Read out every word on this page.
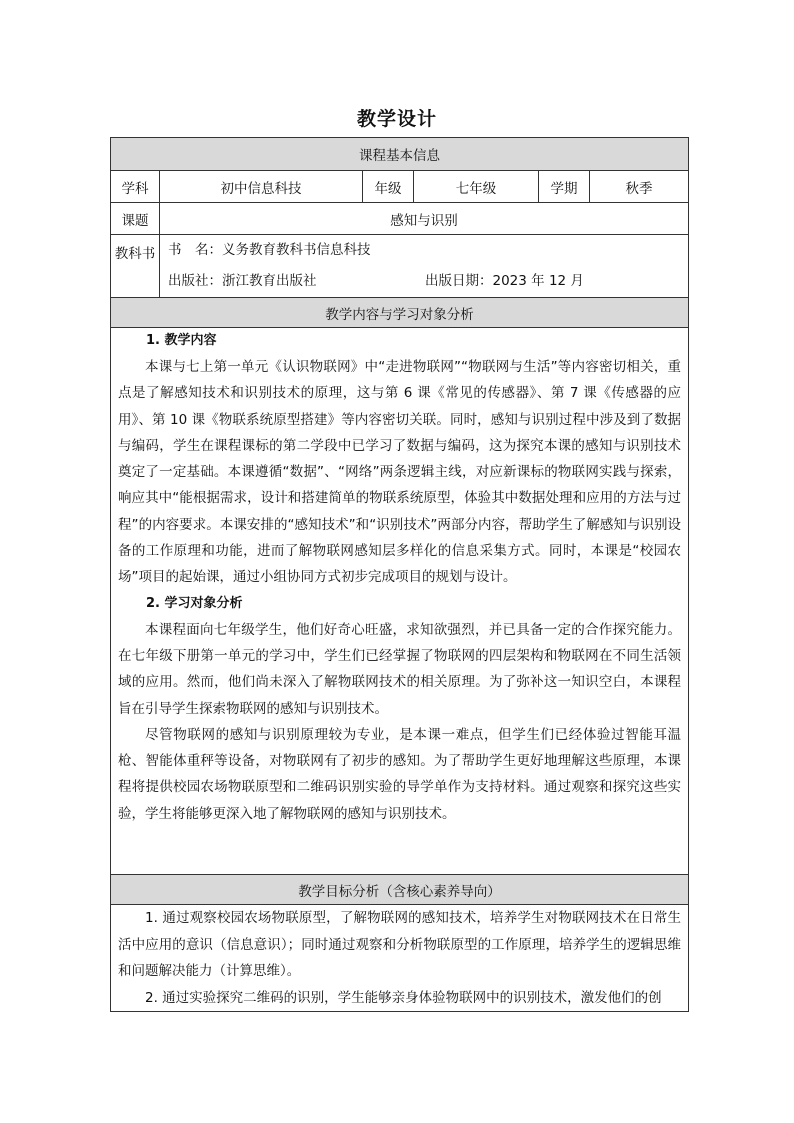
教学设计
课程基本信息					
学科	初中信息科技	年级	七年级	学期	秋季
课题	感知与识别				
教科书	书　名：义务教育教科书信息科技
出版社：浙江教育出版社 出版日期：2023 年 12 月				

教学内容与学习对象分析					

1. 教学内容

本课与七上第一单元《认识物联网》中“走进物联网”“物联网与生活”等内容密切相关，重点是了解感知技术和识别技术的原理，这与第 6 课《常见的传感器》、第 7 课《传感器的应用》、第 10 课《物联系统原型搭建》等内容密切关联。同时，感知与识别过程中涉及到了数据与编码，学生在课程课标的第二学段中已学习了数据与编码，这为探究本课的感知与识别技术奠定了一定基础。本课遵循“数据”、“网络”两条逻辑主线，对应新课标的物联网实践与探索，响应其中“能根据需求，设计和搭建简单的物联系统原型，体验其中数据处理和应用的方法与过程”的内容要求。本课安排的“感知技术”和“识别技术”两部分内容，帮助学生了解感知与识别设备的工作原理和功能，进而了解物联网感知层多样化的信息采集方式。同时，本课是“校园农场”项目的起始课，通过小组协同方式初步完成项目的规划与设计。

2. 学习对象分析

本课程面向七年级学生，他们好奇心旺盛，求知欲强烈，并已具备一定的合作探究能力。在七年级下册第一单元的学习中，学生们已经掌握了物联网的四层架构和物联网在不同生活领域的应用。然而，他们尚未深入了解物联网技术的相关原理。为了弥补这一知识空白，本课程旨在引导学生探索物联网的感知与识别技术。

尽管物联网的感知与识别原理较为专业，是本课一难点，但学生们已经体验过智能耳温枪、智能体重秤等设备，对物联网有了初步的感知。为了帮助学生更好地理解这些原理，本课程将提供校园农场物联原型和二维码识别实验的导学单作为支持材料。通过观察和探究这些实验，学生将能够更深入地了解物联网的感知与识别技术。					

教学目标分析（含核心素养导向）					

1. 通过观察校园农场物联原型，了解物联网的感知技术，培养学生对物联网技术在日常生活中应用的意识（信息意识）；同时通过观察和分析物联原型的工作原理，培养学生的逻辑思维和问题解决能力（计算思维）。

2. 通过实验探究二维码的识别，学生能够亲身体验物联网中的识别技术，激发他们的创					
